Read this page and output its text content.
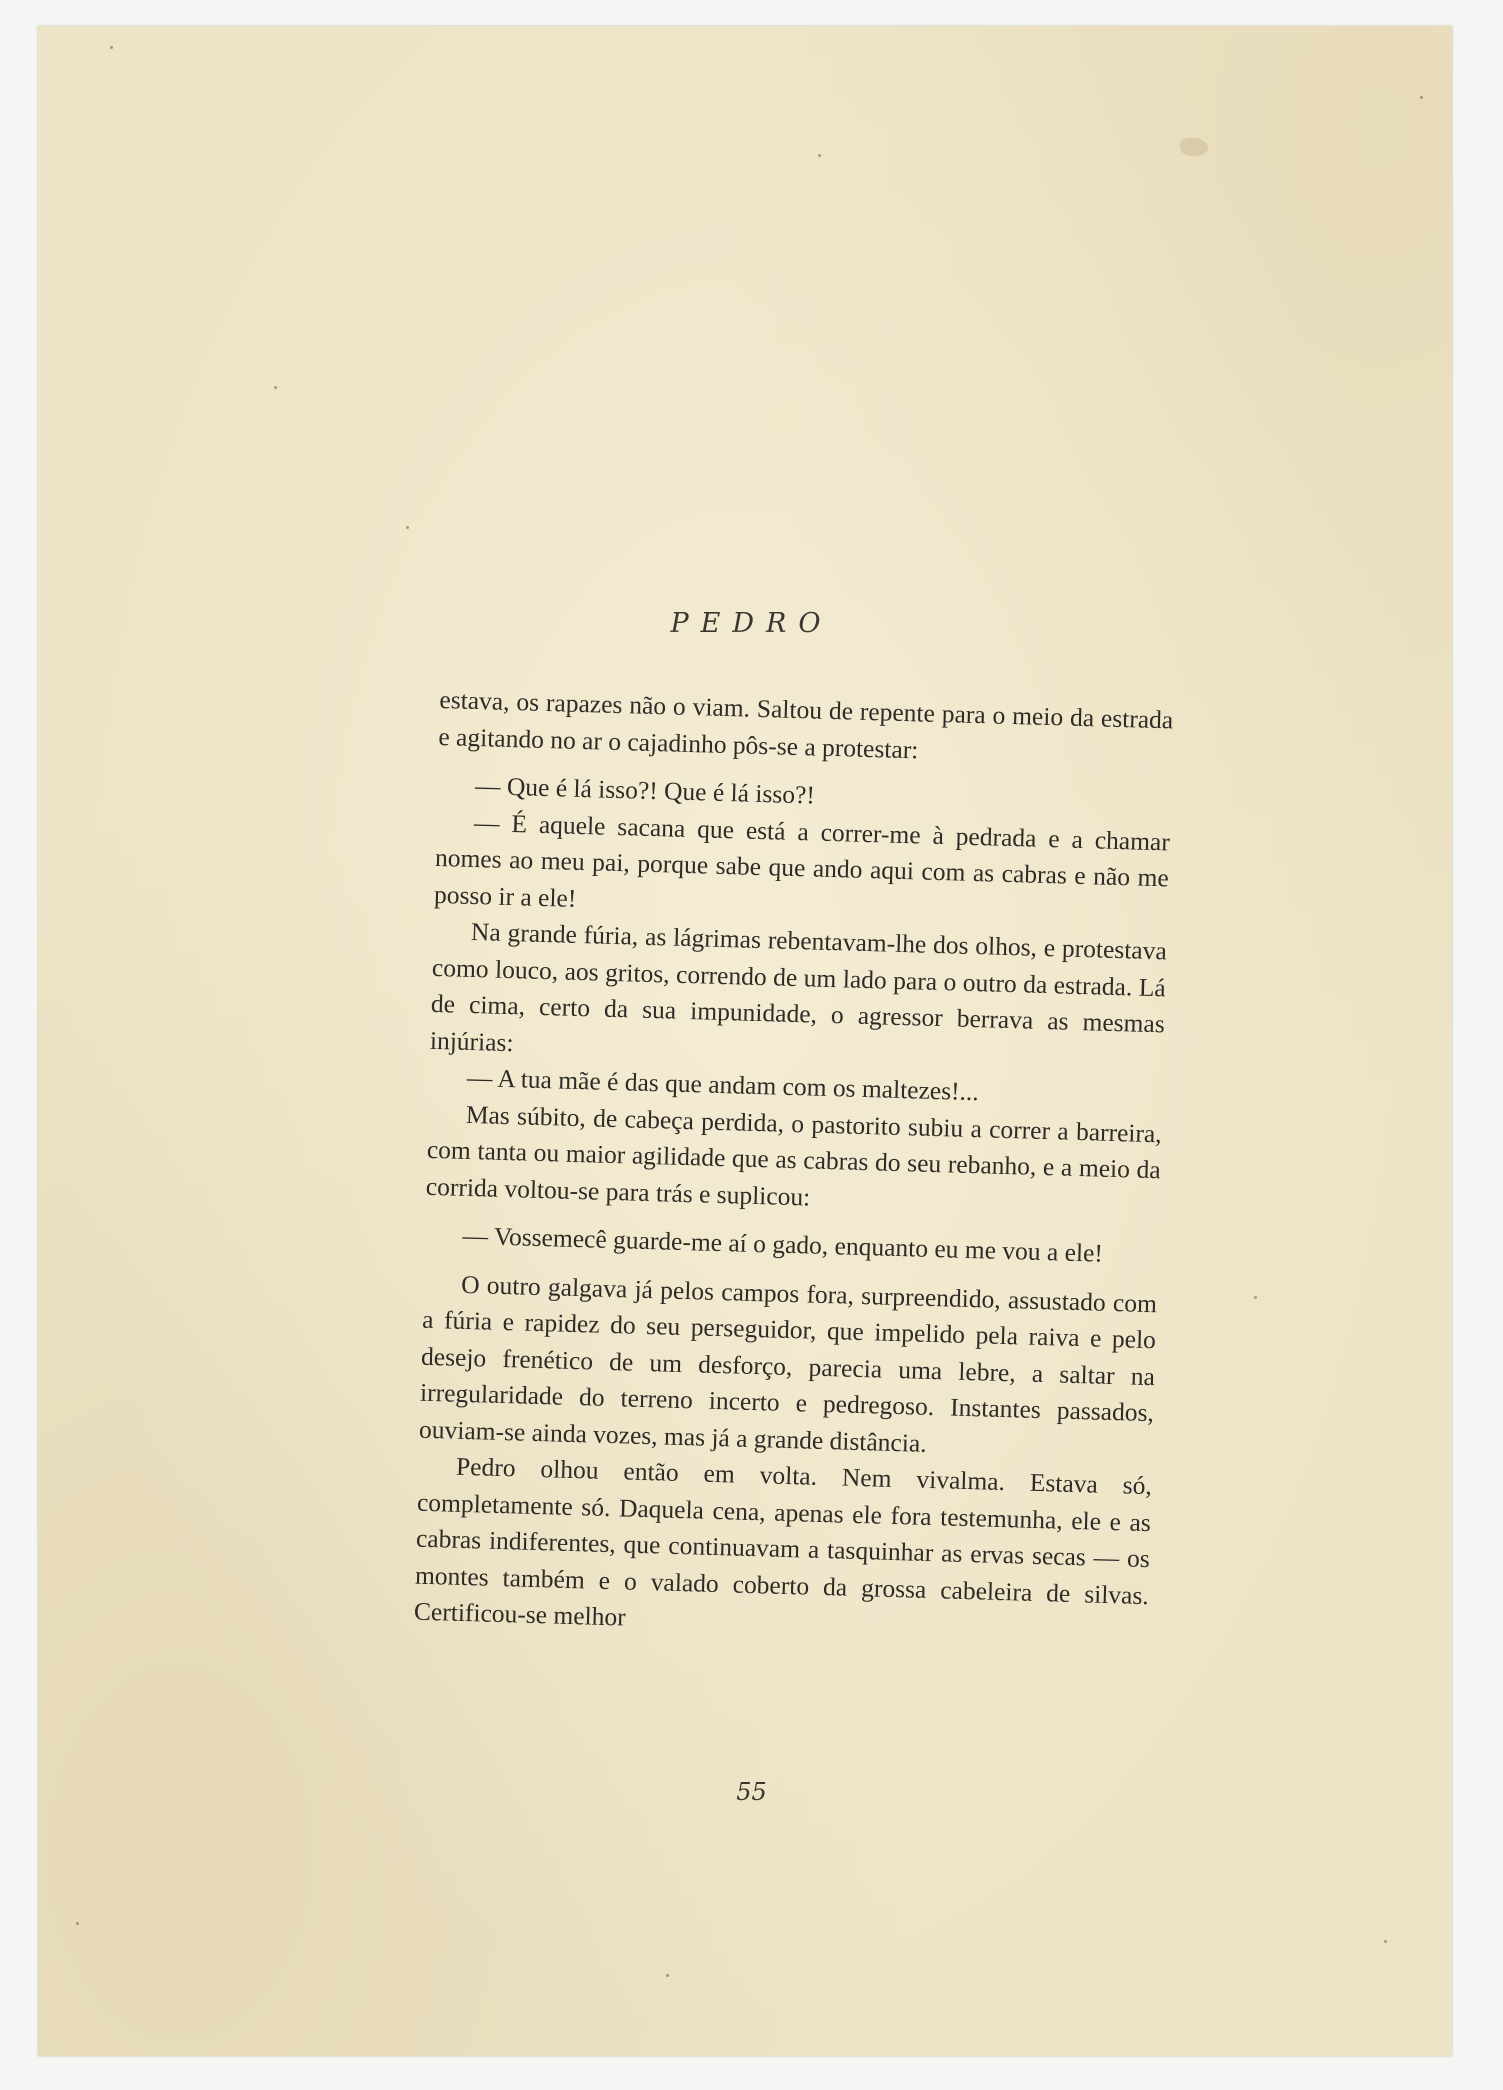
PEDRO

estava, os rapazes não o viam. Saltou de repente para o meio da estrada e agitando no ar o cajadinho pôs-se a protestar:

— Que é lá isso?! Que é lá isso?!

— É aquele sacana que está a correr-me à pedrada e a chamar nomes ao meu pai, porque sabe que ando aqui com as cabras e não me posso ir a ele!

Na grande fúria, as lágrimas rebentavam-lhe dos olhos, e protestava como louco, aos gritos, correndo de um lado para o outro da estrada. Lá de cima, certo da sua impunidade, o agressor berrava as mesmas injúrias:

— A tua mãe é das que andam com os maltezes!...

Mas súbito, de cabeça perdida, o pastorito subiu a correr a barreira, com tanta ou maior agilidade que as cabras do seu rebanho, e a meio da corrida voltou-se para trás e suplicou:

— Vossemecê guarde-me aí o gado, enquanto eu me vou a ele!

O outro galgava já pelos campos fora, surpreendido, assustado com a fúria e rapidez do seu perseguidor, que impelido pela raiva e pelo desejo frenético de um desforço, parecia uma lebre, a saltar na irregularidade do terreno incerto e pedregoso. Instantes passados, ouviam-se ainda vozes, mas já a grande distância.

Pedro olhou então em volta. Nem vivalma. Estava só, completamente só. Daquela cena, apenas ele fora testemunha, ele e as cabras indiferentes, que continuavam a tasquinhar as ervas secas — os montes também e o valado coberto da grossa cabeleira de silvas. Certificou-se melhor

55
